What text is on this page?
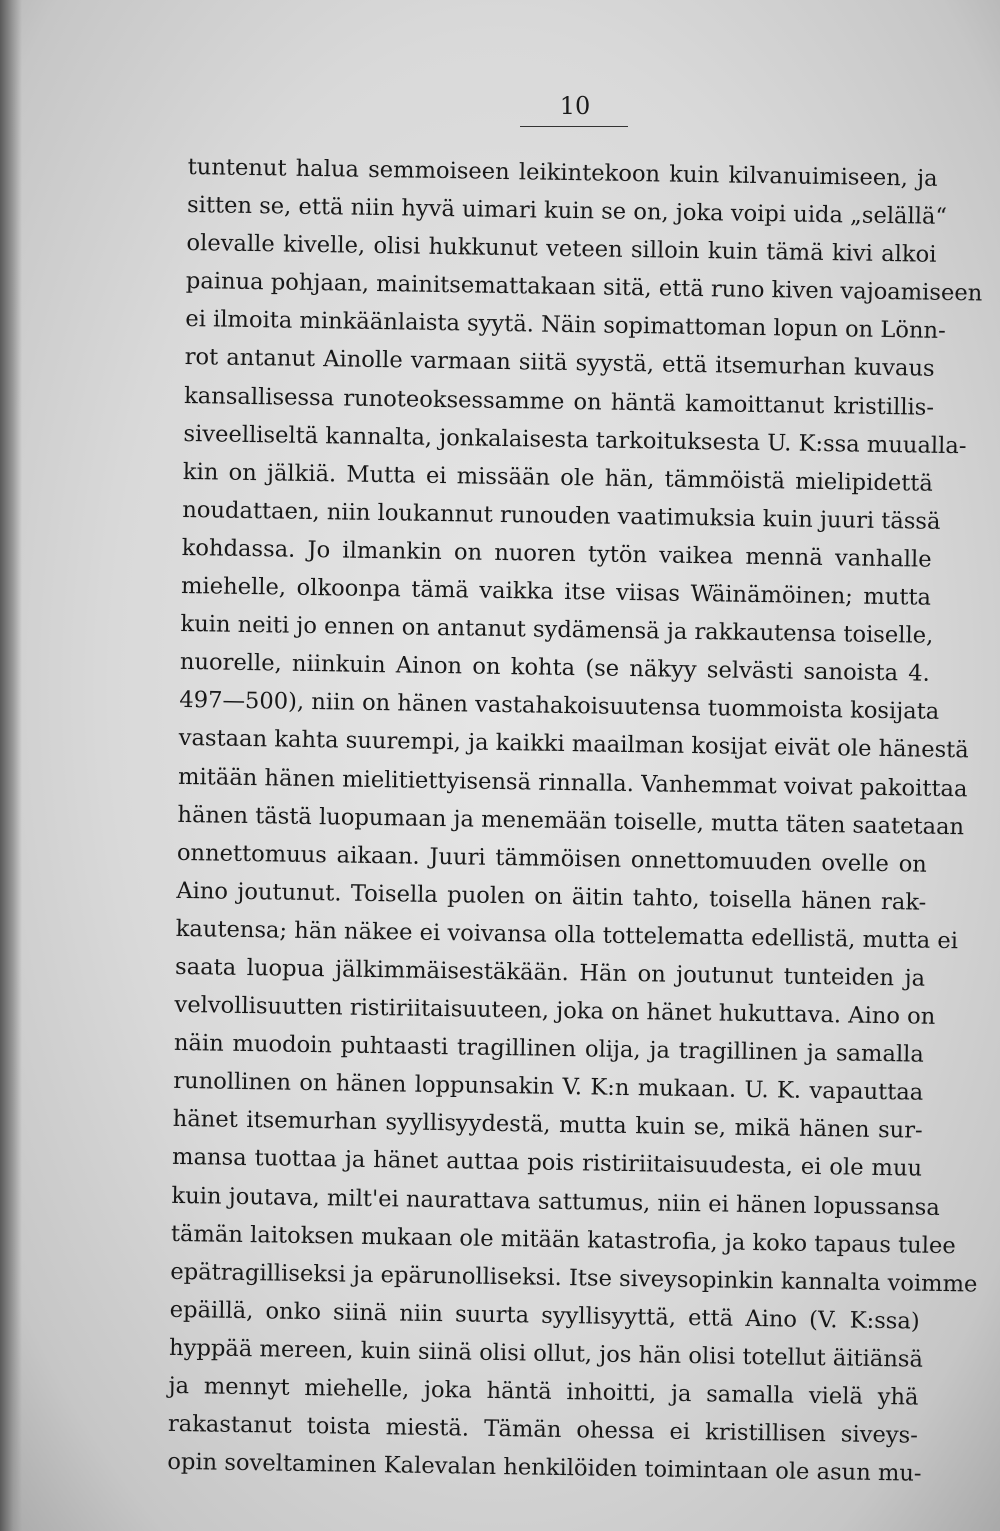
10
tuntenut halua semmoiseen leikintekoon kuin kilvanuimiseen, ja
sitten se, että niin hyvä uimari kuin se on, joka voipi uida „selällä“
olevalle kivelle, olisi hukkunut veteen silloin kuin tämä kivi alkoi
painua pohjaan, mainitsemattakaan sitä, että runo kiven vajoamiseen
ei ilmoita minkäänlaista syytä. Näin sopimattoman lopun on Lönn-
rot antanut Ainolle varmaan siitä syystä, että itsemurhan kuvaus
kansallisessa runoteoksessamme on häntä kamoittanut kristillis-
siveelliseltä kannalta, jonkalaisesta tarkoituksesta U. K:ssa muualla-
kin on jälkiä. Mutta ei missään ole hän, tämmöistä mielipidettä
noudattaen, niin loukannut runouden vaatimuksia kuin juuri tässä
kohdassa. Jo ilmankin on nuoren tytön vaikea mennä vanhalle
miehelle, olkoonpa tämä vaikka itse viisas Wäinämöinen; mutta
kuin neiti jo ennen on antanut sydämensä ja rakkautensa toiselle,
nuorelle, niinkuin Ainon on kohta (se näkyy selvästi sanoista 4.
497—500), niin on hänen vastahakoisuutensa tuommoista kosijata
vastaan kahta suurempi, ja kaikki maailman kosijat eivät ole hänestä
mitään hänen mielitiettyisensä rinnalla. Vanhemmat voivat pakoittaa
hänen tästä luopumaan ja menemään toiselle, mutta täten saatetaan
onnettomuus aikaan. Juuri tämmöisen onnettomuuden ovelle on
Aino joutunut. Toisella puolen on äitin tahto, toisella hänen rak-
kautensa; hän näkee ei voivansa olla tottelematta edellistä, mutta ei
saata luopua jälkimmäisestäkään. Hän on joutunut tunteiden ja
velvollisuutten ristiriitaisuuteen, joka on hänet hukuttava. Aino on
näin muodoin puhtaasti tragillinen olija, ja tragillinen ja samalla
runollinen on hänen loppunsakin V. K:n mukaan. U. K. vapauttaa
hänet itsemurhan syyllisyydestä, mutta kuin se, mikä hänen sur-
mansa tuottaa ja hänet auttaa pois ristiriitaisuudesta, ei ole muu
kuin joutava, milt'ei naurattava sattumus, niin ei hänen lopussansa
tämän laitoksen mukaan ole mitään katastrofia, ja koko tapaus tulee
epätragilliseksi ja epärunolliseksi. Itse siveysopinkin kannalta voimme
epäillä, onko siinä niin suurta syyllisyyttä, että Aino (V. K:ssa)
hyppää mereen, kuin siinä olisi ollut, jos hän olisi totellut äitiänsä
ja mennyt miehelle, joka häntä inhoitti, ja samalla vielä yhä
rakastanut toista miestä. Tämän ohessa ei kristillisen siveys-
opin soveltaminen Kalevalan henkilöiden toimintaan ole asun mu-
